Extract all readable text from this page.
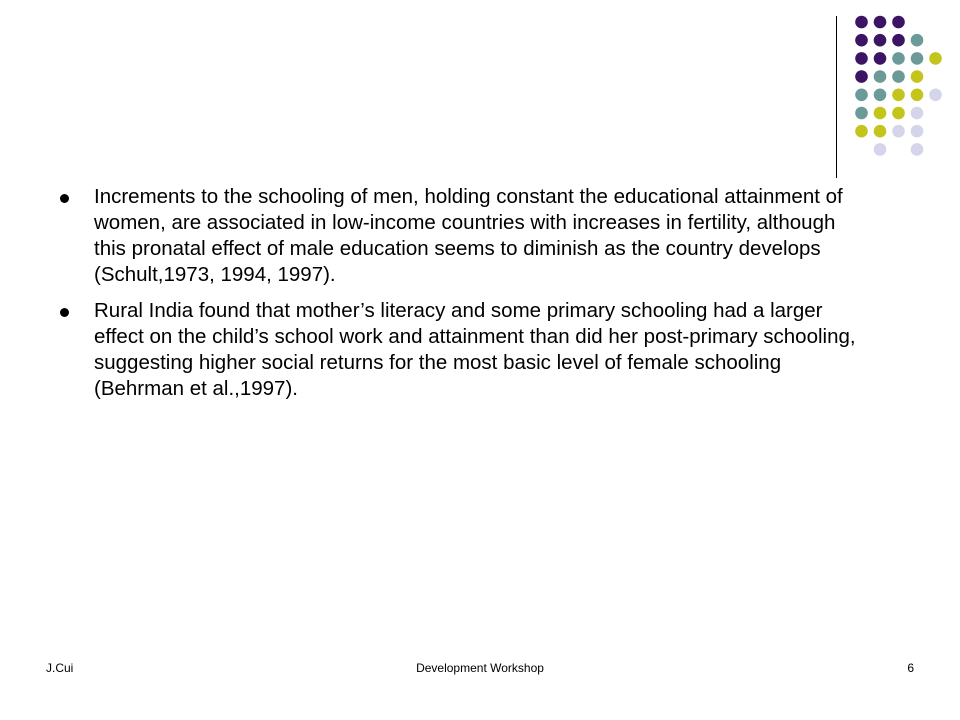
Increments to the schooling of men, holding constant the educational attainment of women, are associated in low-income countries with increases in fertility, although this pronatal effect of male education seems to diminish as the country develops (Schult,1973, 1994, 1997).
Rural India found that mother’s literacy and some primary schooling had a larger effect on the child’s school work and attainment than did her post-primary schooling, suggesting higher social returns for the most basic level of female schooling (Behrman et al.,1997).
J.Cui	Development Workshop	6
